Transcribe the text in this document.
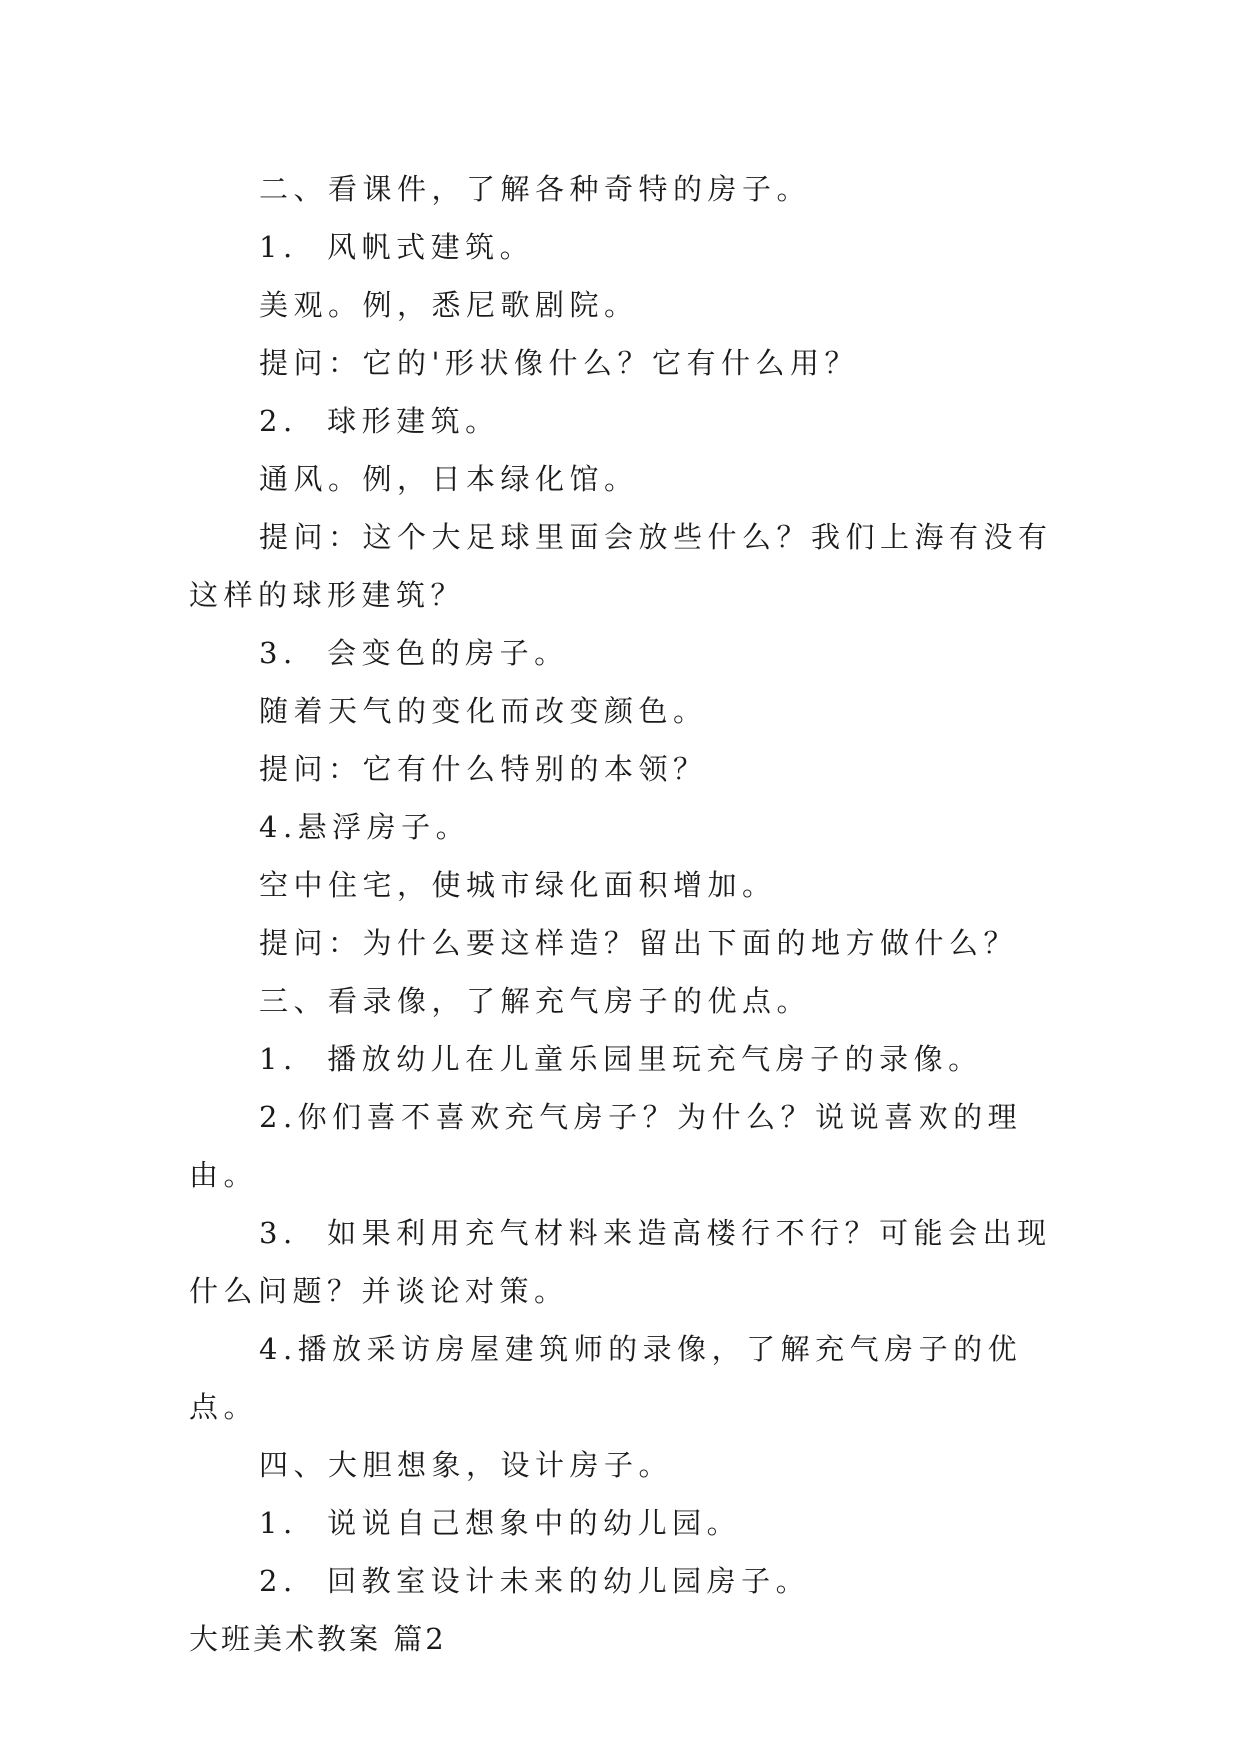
二、看课件，了解各种奇特的房子。

1.  风帆式建筑。

美观。例，悉尼歌剧院。

提问：它的'形状像什么？它有什么用？

2.  球形建筑。

通风。例，日本绿化馆。

提问：这个大足球里面会放些什么？我们上海有没有这样的球形建筑？

3.  会变色的房子。

随着天气的变化而改变颜色。

提问：它有什么特别的本领？

4.悬浮房子。

空中住宅，使城市绿化面积增加。

提问：为什么要这样造？留出下面的地方做什么？

三、看录像，了解充气房子的优点。

1.  播放幼儿在儿童乐园里玩充气房子的录像。

2.你们喜不喜欢充气房子？为什么？说说喜欢的理由。

3.  如果利用充气材料来造高楼行不行？可能会出现什么问题？并谈论对策。

4.播放采访房屋建筑师的录像，了解充气房子的优点。

四、大胆想象，设计房子。

1.  说说自己想象中的幼儿园。

2.  回教室设计未来的幼儿园房子。

大班美术教案 篇2
